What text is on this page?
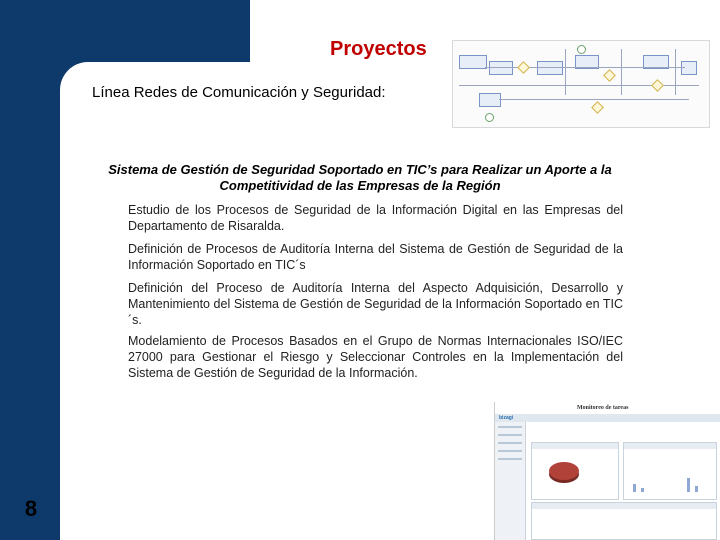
Proyectos
Línea Redes de Comunicación y Seguridad:
Sistema de Gestión de Seguridad Soportado en TIC’s para Realizar un Aporte a la Competitividad de las Empresas de la Región
Estudio de los Procesos de Seguridad de la Información Digital en las Empresas del Departamento de Risaralda.
Definición de Procesos de Auditoría Interna del Sistema de Gestión de Seguridad de la Información Soportado en TIC´s
Definición del Proceso de Auditoría Interna del Aspecto Adquisición, Desarrollo y Mantenimiento del Sistema de Gestión de Seguridad de la Información Soportado en TIC´s.
Modelamiento de Procesos Basados en el Grupo de Normas Internacionales ISO/IEC 27000 para Gestionar el Riesgo y Seleccionar Controles en la Implementación del Sistema de Gestión de Seguridad de la Información.
Monitoreo de tareas
bizagi
8
